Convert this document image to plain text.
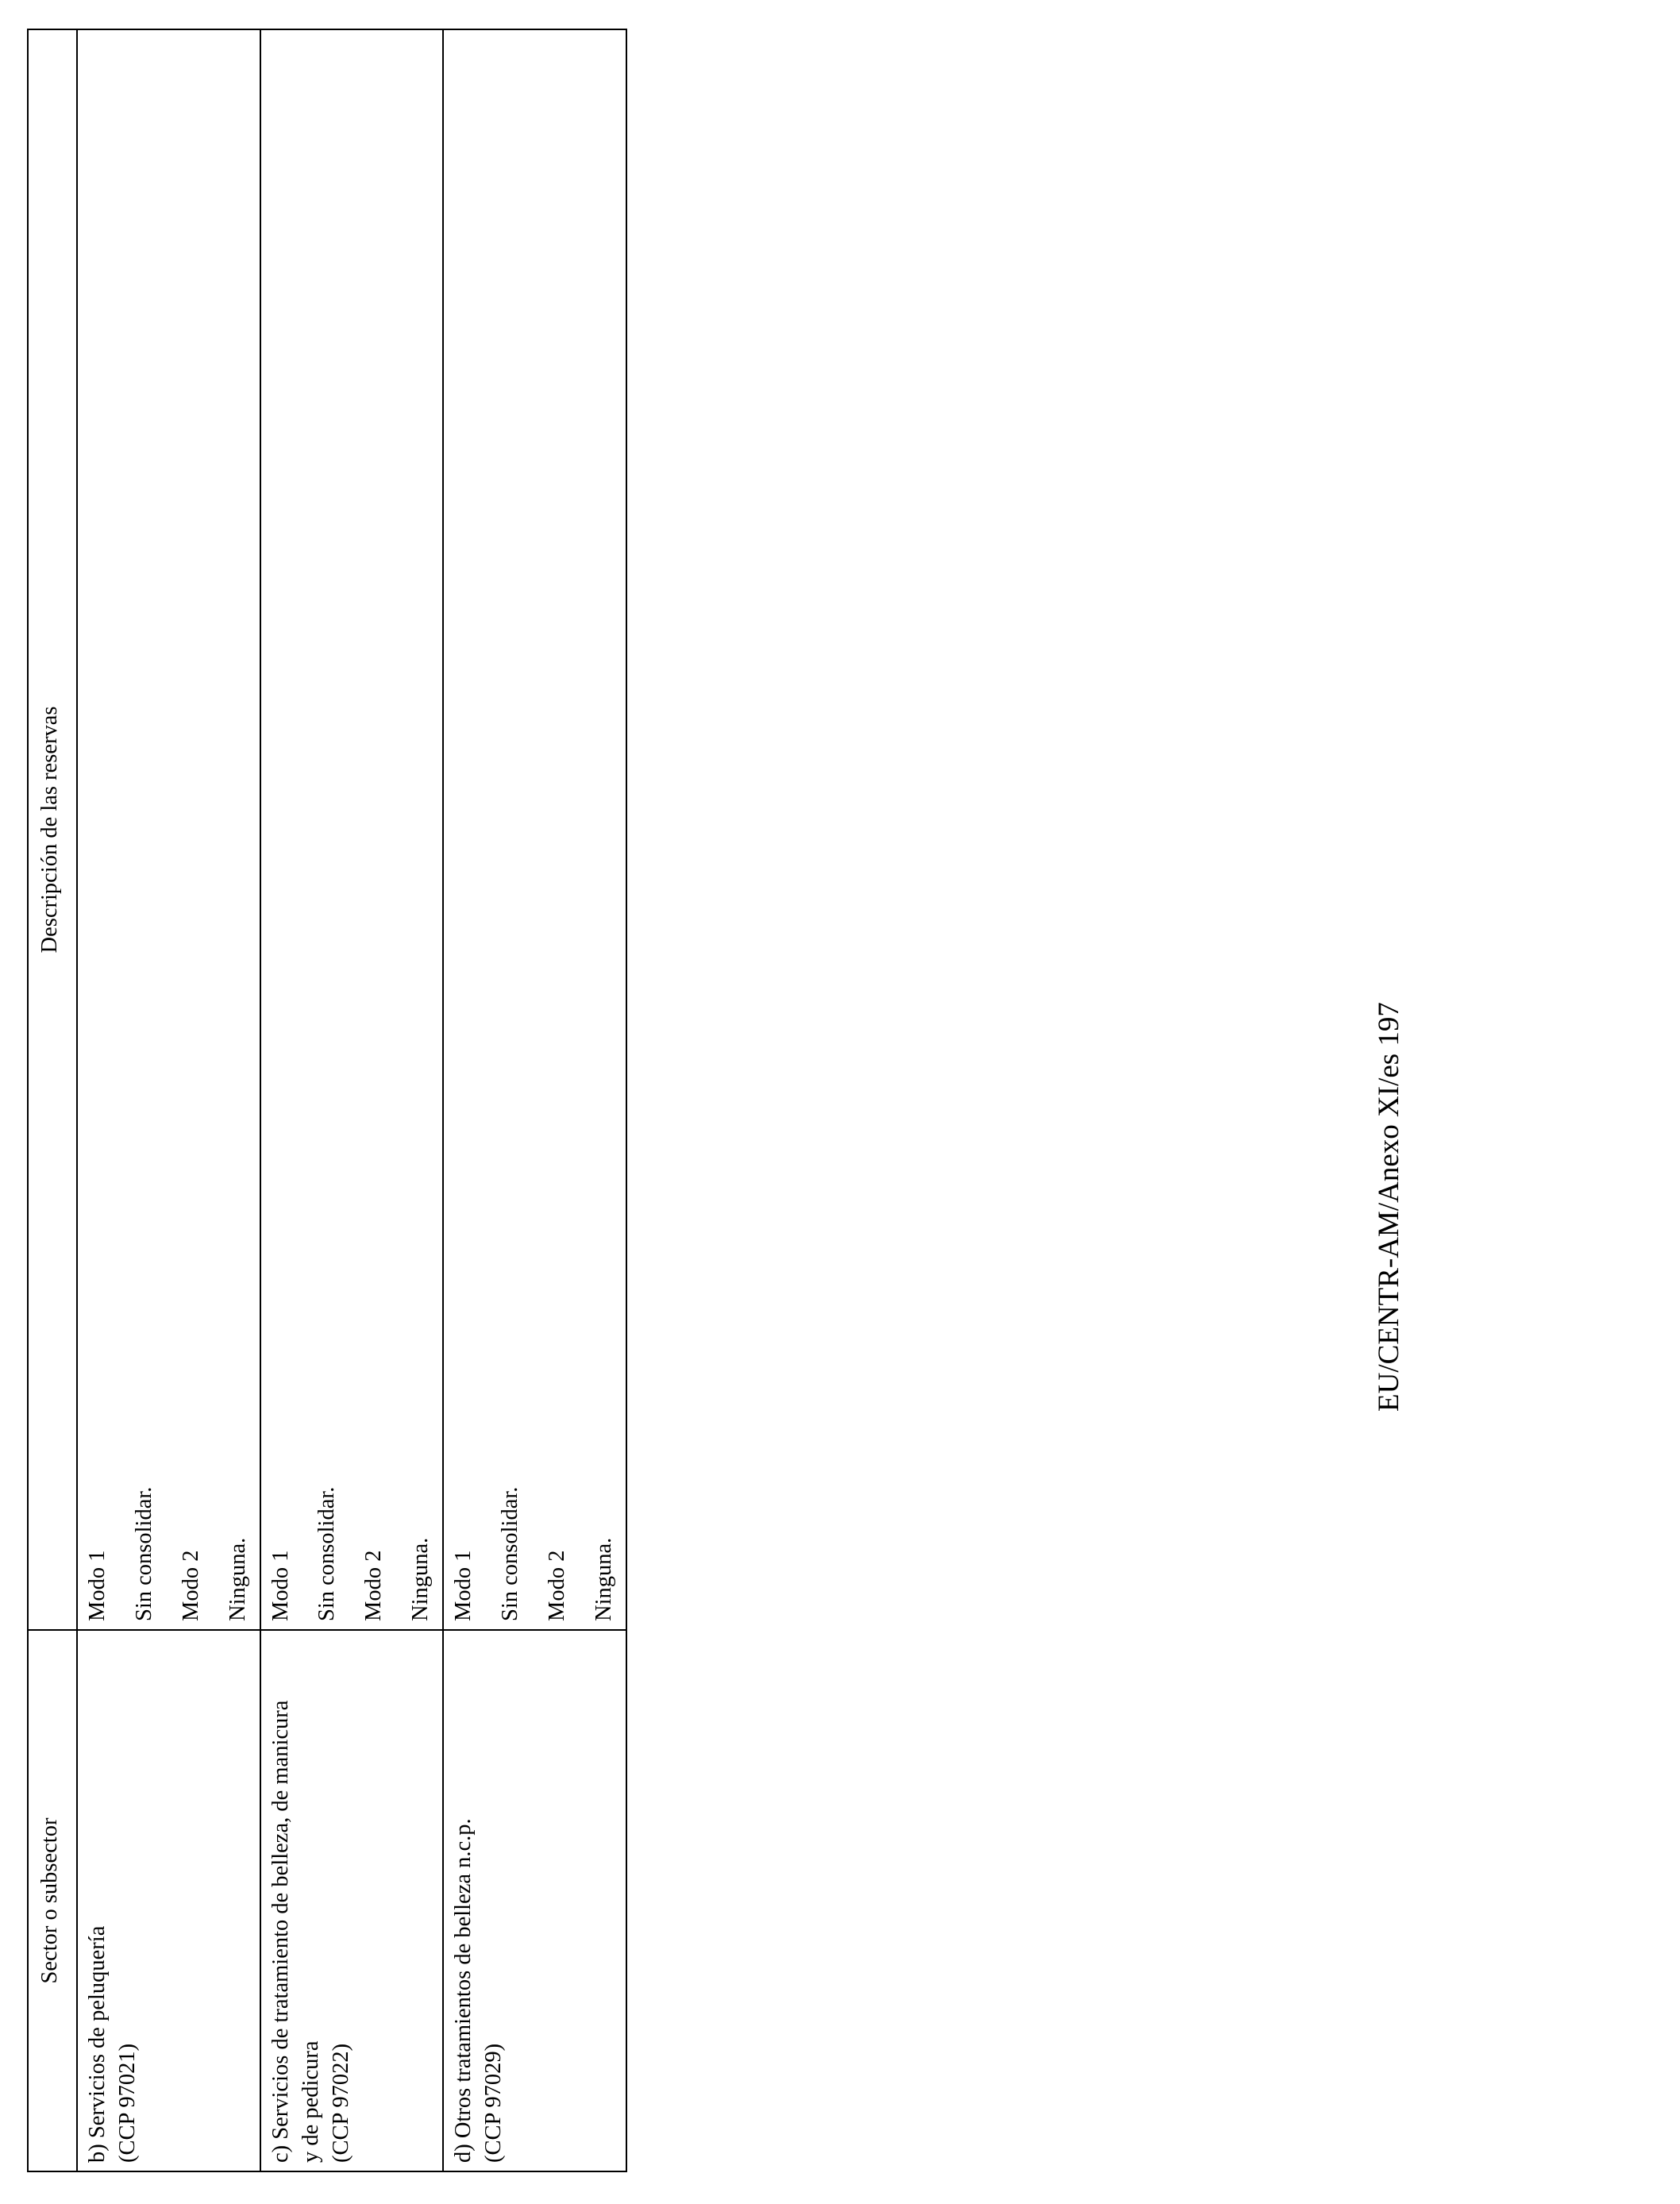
Sector o subsector	Descripción de las reservas

b) Servicios de peluquería (CCP 97021)	Modo 1 Sin consolidar. Modo 2 Ninguna.

c) Servicios de tratamiento de belleza, de manicura y de pedicura (CCP 97022)	Modo 1 Sin consolidar. Modo 2 Ninguna.

d) Otros tratamientos de belleza n.c.p. (CCP 97029)	Modo 1 Sin consolidar. Modo 2 Ninguna.
EU/CENTR-AM/Anexo XI/es 197
